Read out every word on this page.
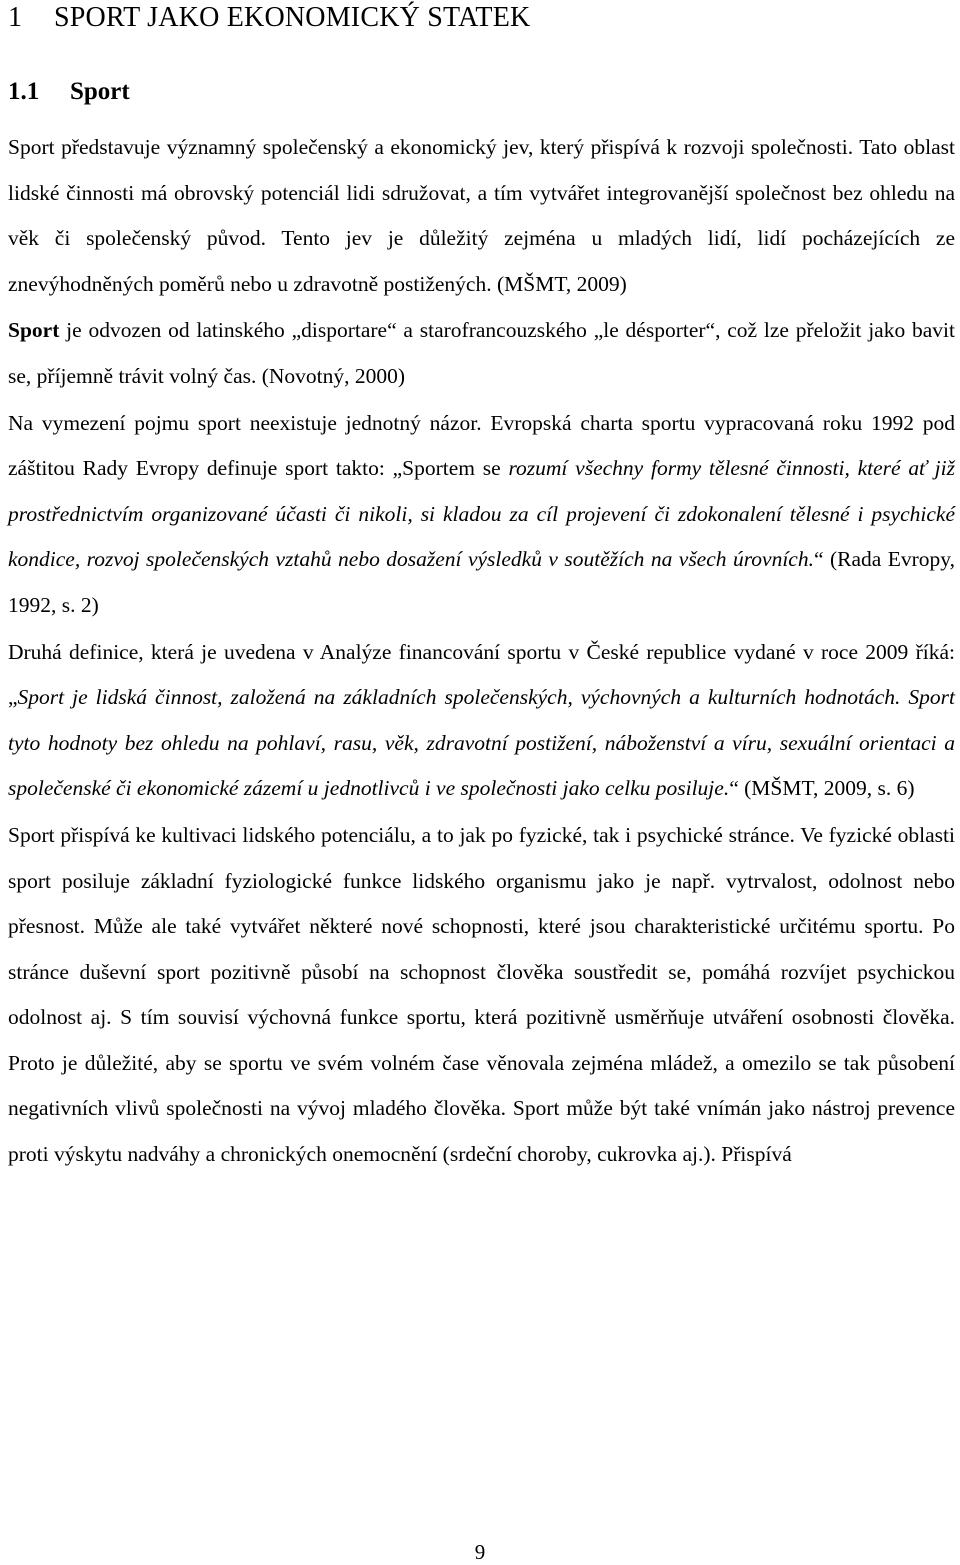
1 SPORT JAKO EKONOMICKÝ STATEK
1.1 Sport

Sport představuje významný společenský a ekonomický jev, který přispívá k rozvoji společnosti. Tato oblast lidské činnosti má obrovský potenciál lidi sdružovat, a tím vytvářet integrovanější společnost bez ohledu na věk či společenský původ. Tento jev je důležitý zejména u mladých lidí, lidí pocházejících ze znevýhodněných poměrů nebo u zdravotně postižených. (MŠMT, 2009)

Sport je odvozen od latinského „disportare“ a starofrancouzského „le désporter“, což lze přeložit jako bavit se, příjemně trávit volný čas. (Novotný, 2000)

Na vymezení pojmu sport neexistuje jednotný názor. Evropská charta sportu vypracovaná roku 1992 pod záštitou Rady Evropy definuje sport takto: „Sportem se rozumí všechny formy tělesné činnosti, které ať již prostřednictvím organizované účasti či nikoli, si kladou za cíl projevení či zdokonalení tělesné i psychické kondice, rozvoj společenských vztahů nebo dosažení výsledků v soutěžích na všech úrovních.“ (Rada Evropy, 1992, s. 2)

Druhá definice, která je uvedena v Analýze financování sportu v České republice vydané v roce 2009 říká: „Sport je lidská činnost, založená na základních společenských, výchovných a kulturních hodnotách. Sport tyto hodnoty bez ohledu na pohlaví, rasu, věk, zdravotní postižení, náboženství a víru, sexuální orientaci a společenské či ekonomické zázemí u jednotlivců i ve společnosti jako celku posiluje.“ (MŠMT, 2009, s. 6)

Sport přispívá ke kultivaci lidského potenciálu, a to jak po fyzické, tak i psychické stránce. Ve fyzické oblasti sport posiluje základní fyziologické funkce lidského organismu jako je např. vytrvalost, odolnost nebo přesnost. Může ale také vytvářet některé nové schopnosti, které jsou charakteristické určitému sportu. Po stránce duševní sport pozitivně působí na schopnost člověka soustředit se, pomáhá rozvíjet psychickou odolnost aj. S tím souvisí výchovná funkce sportu, která pozitivně usměrňuje utváření osobnosti člověka. Proto je důležité, aby se sportu ve svém volném čase věnovala zejména mládež, a omezilo se tak působení negativních vlivů společnosti na vývoj mladého člověka. Sport může být také vnímán jako nástroj prevence proti výskytu nadváhy a chronických onemocnění (srdeční choroby, cukrovka aj.). Přispívá

9
